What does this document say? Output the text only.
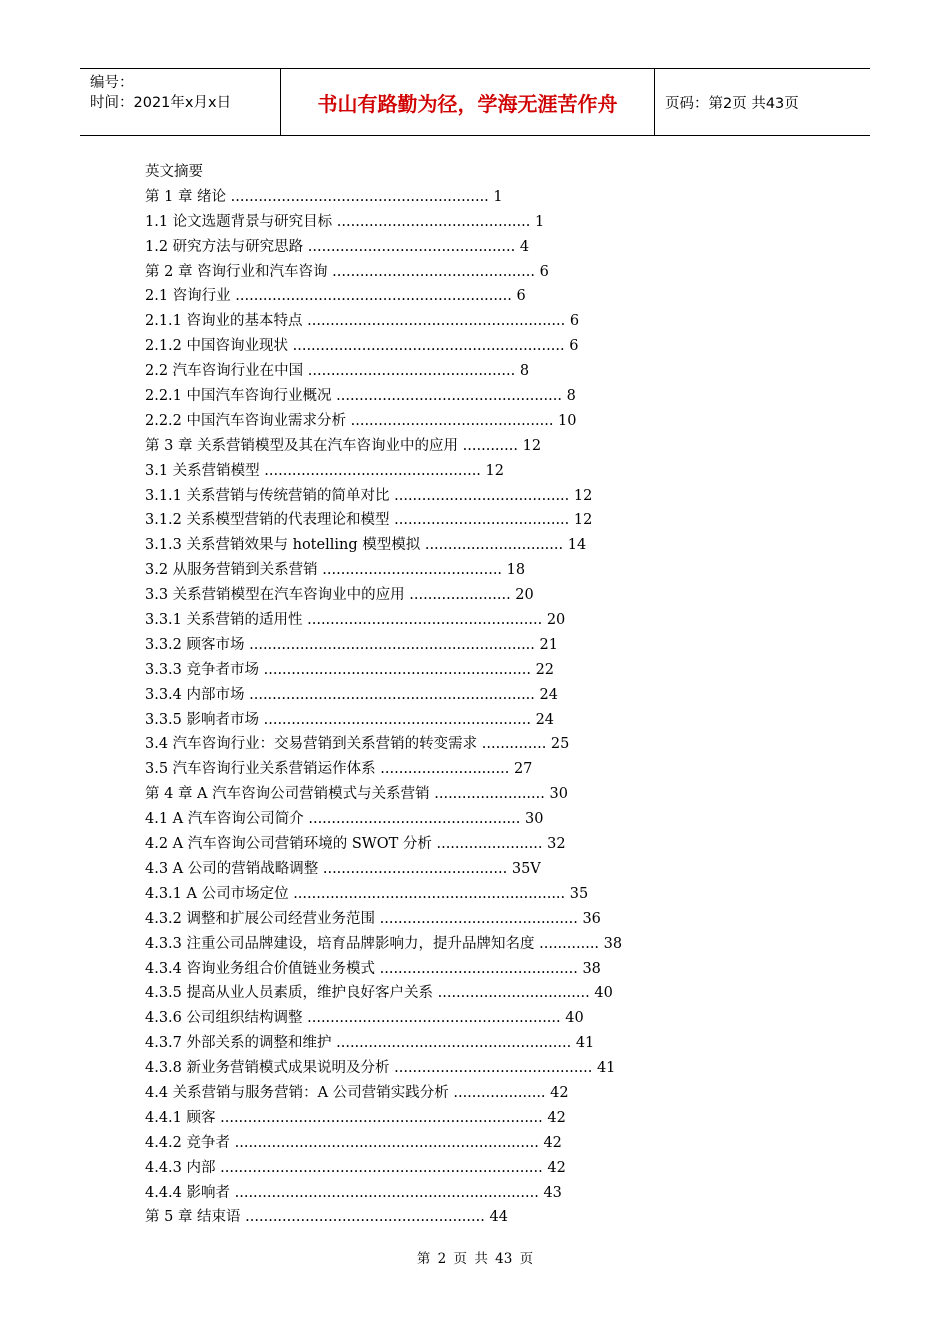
编号：
时间：2021年x月x日	书山有路勤为径，学海无涯苦作舟	页码：第2页 共43页
英文摘要
第 1 章 绪论 ........................................................ 1
1.1 论文选题背景与研究目标 .......................................... 1
1.2 研究方法与研究思路 ............................................. 4
第 2 章 咨询行业和汽车咨询 ............................................ 6
2.1 咨询行业 ............................................................ 6
2.1.1 咨询业的基本特点 ........................................................ 6
2.1.2 中国咨询业现状 ........................................................... 6
2.2 汽车咨询行业在中国 ............................................. 8
2.2.1 中国汽车咨询行业概况 ................................................. 8
2.2.2 中国汽车咨询业需求分析 ............................................ 10
第 3 章 关系营销模型及其在汽车咨询业中的应用 ............ 12
3.1 关系营销模型 ............................................... 12
3.1.1 关系营销与传统营销的简单对比 ...................................... 12
3.1.2 关系模型营销的代表理论和模型 ...................................... 12
3.1.3 关系营销效果与 hotelling 模型模拟 .............................. 14
3.2 从服务营销到关系营销 ....................................... 18
3.3 关系营销模型在汽车咨询业中的应用 ...................... 20
3.3.1 关系营销的适用性 ................................................... 20
3.3.2 顾客市场 .............................................................. 21
3.3.3 竞争者市场 .......................................................... 22
3.3.4 内部市场 .............................................................. 24
3.3.5 影响者市场 .......................................................... 24
3.4 汽车咨询行业：交易营销到关系营销的转变需求 .............. 25
3.5 汽车咨询行业关系营销运作体系 ............................ 27
第 4 章 A 汽车咨询公司营销模式与关系营销 ........................ 30
4.1 A 汽车咨询公司简介 .............................................. 30
4.2 A 汽车咨询公司营销环境的 SWOT 分析 ....................... 32
4.3 A 公司的营销战略调整 ........................................ 35V
4.3.1 A 公司市场定位 ........................................................... 35
4.3.2 调整和扩展公司经营业务范围 ........................................... 36
4.3.3 注重公司品牌建设，培育品牌影响力，提升品牌知名度 ............. 38
4.3.4 咨询业务组合价值链业务模式 ........................................... 38
4.3.5 提高从业人员素质，维护良好客户关系 ................................. 40
4.3.6 公司组织结构调整 ....................................................... 40
4.3.7 外部关系的调整和维护 ................................................... 41
4.3.8 新业务营销模式成果说明及分析 ........................................... 41
4.4 关系营销与服务营销：A 公司营销实践分析 .................... 42
4.4.1 顾客 ...................................................................... 42
4.4.2 竞争者 .................................................................. 42
4.4.3 内部 ...................................................................... 42
4.4.4 影响者 .................................................................. 43
第 5 章 结束语 .................................................... 44
第 2 页 共 43 页
